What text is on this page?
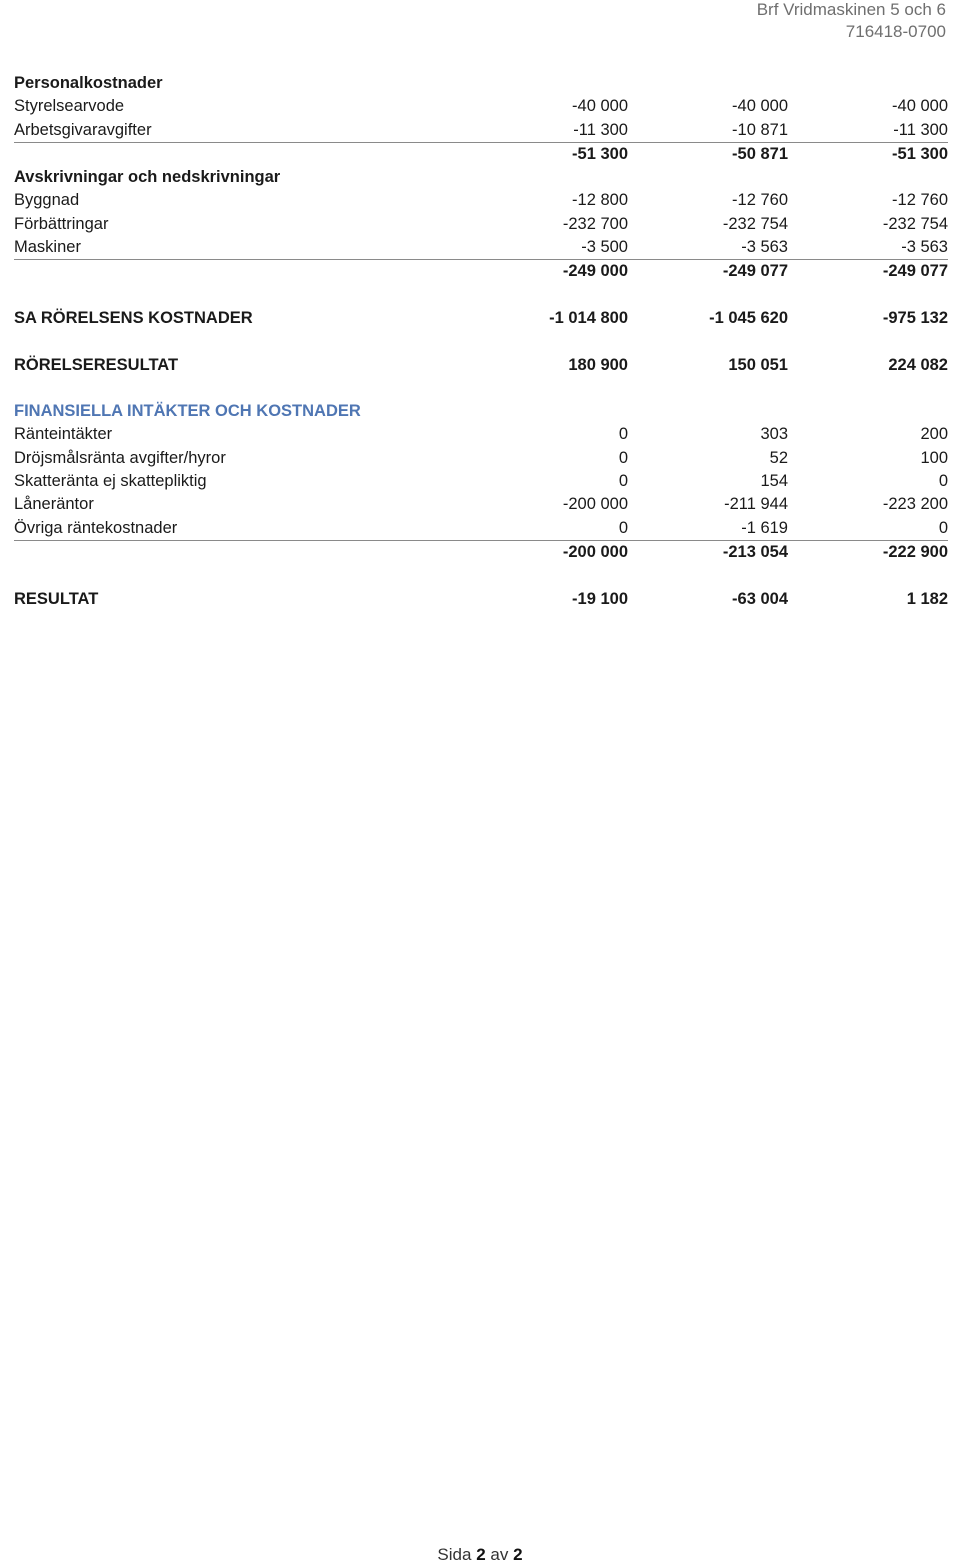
Brf Vridmaskinen 5 och 6
716418-0700
Personalkostnader
Styrelsearvode	-40 000	-40 000	-40 000
Arbetsgivaravgifter	-11 300	-10 871	-11 300
-51 300	-50 871	-51 300
Avskrivningar och nedskrivningar
Byggnad	-12 800	-12 760	-12 760
Förbättringar	-232 700	-232 754	-232 754
Maskiner	-3 500	-3 563	-3 563
-249 000	-249 077	-249 077
SA RÖRELSENS KOSTNADER	-1 014 800	-1 045 620	-975 132
RÖRELSERESULTAT	180 900	150 051	224 082
FINANSIELLA INTÄKTER OCH KOSTNADER
Ränteintäkter	0	303	200
Dröjsmålsränta avgifter/hyror	0	52	100
Skatteränta ej skattepliktig	0	154	0
Låneräntor	-200 000	-211 944	-223 200
Övriga räntekostnader	0	-1 619	0
-200 000	-213 054	-222 900
RESULTAT	-19 100	-63 004	1 182
Sida 2 av 2
